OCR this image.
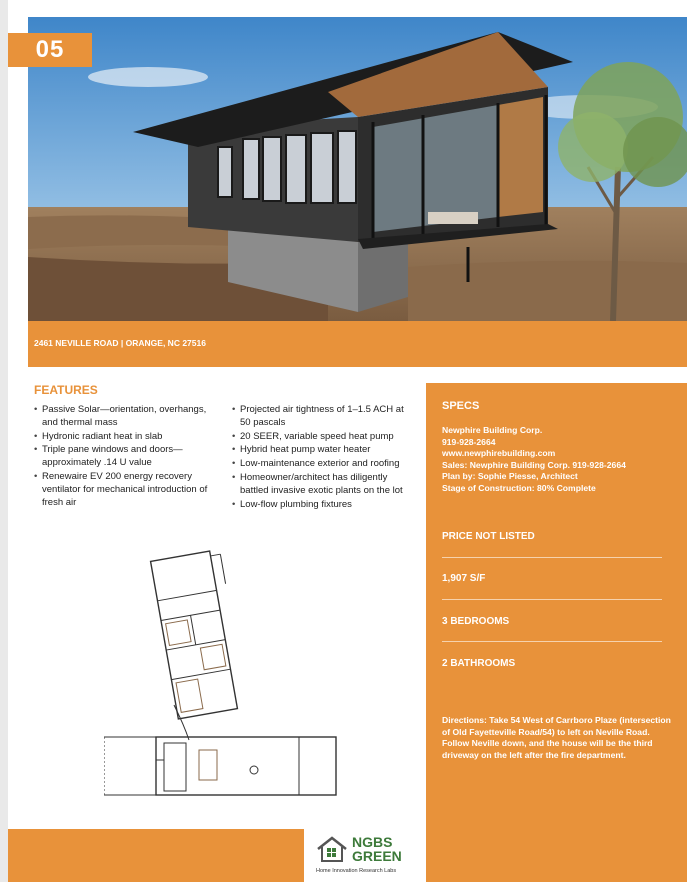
05
2461 NEVILLE ROAD | ORANGE, NC 27516
FEATURES
• Passive Solar—orientation, overhangs, and thermal mass
• Hydronic radiant heat in slab
• Triple pane windows and doors— approximately .14 U value
• Renewaire EV 200 energy recovery ventilator for mechanical introduction of fresh air
• Projected air tightness of 1–1.5 ACH at 50 pascals
• 20 SEER, variable speed heat pump
• Hybrid heat pump water heater
• Low-maintenance exterior and roofing
• Homeowner/architect has diligently battled invasive exotic plants on the lot
• Low-flow plumbing fixtures
SPECS
Newphire Building Corp.
919-928-2664
www.newphirebuilding.com
Sales: Newphire Building Corp. 919-928-2664
Plan by: Sophie Piesse, Architect
Stage of Construction: 80% Complete
PRICE NOT LISTED
1,907 S/F
3 BEDROOMS
2 BATHROOMS
Directions: Take 54 West of Carrboro Plaze (intersection of Old Fayetteville Road/54) to left on Neville Road. Follow Neville down, and the house will be the third driveway on the left after the fire department.
NGBS
GREEN
Home Innovation Research Labs
